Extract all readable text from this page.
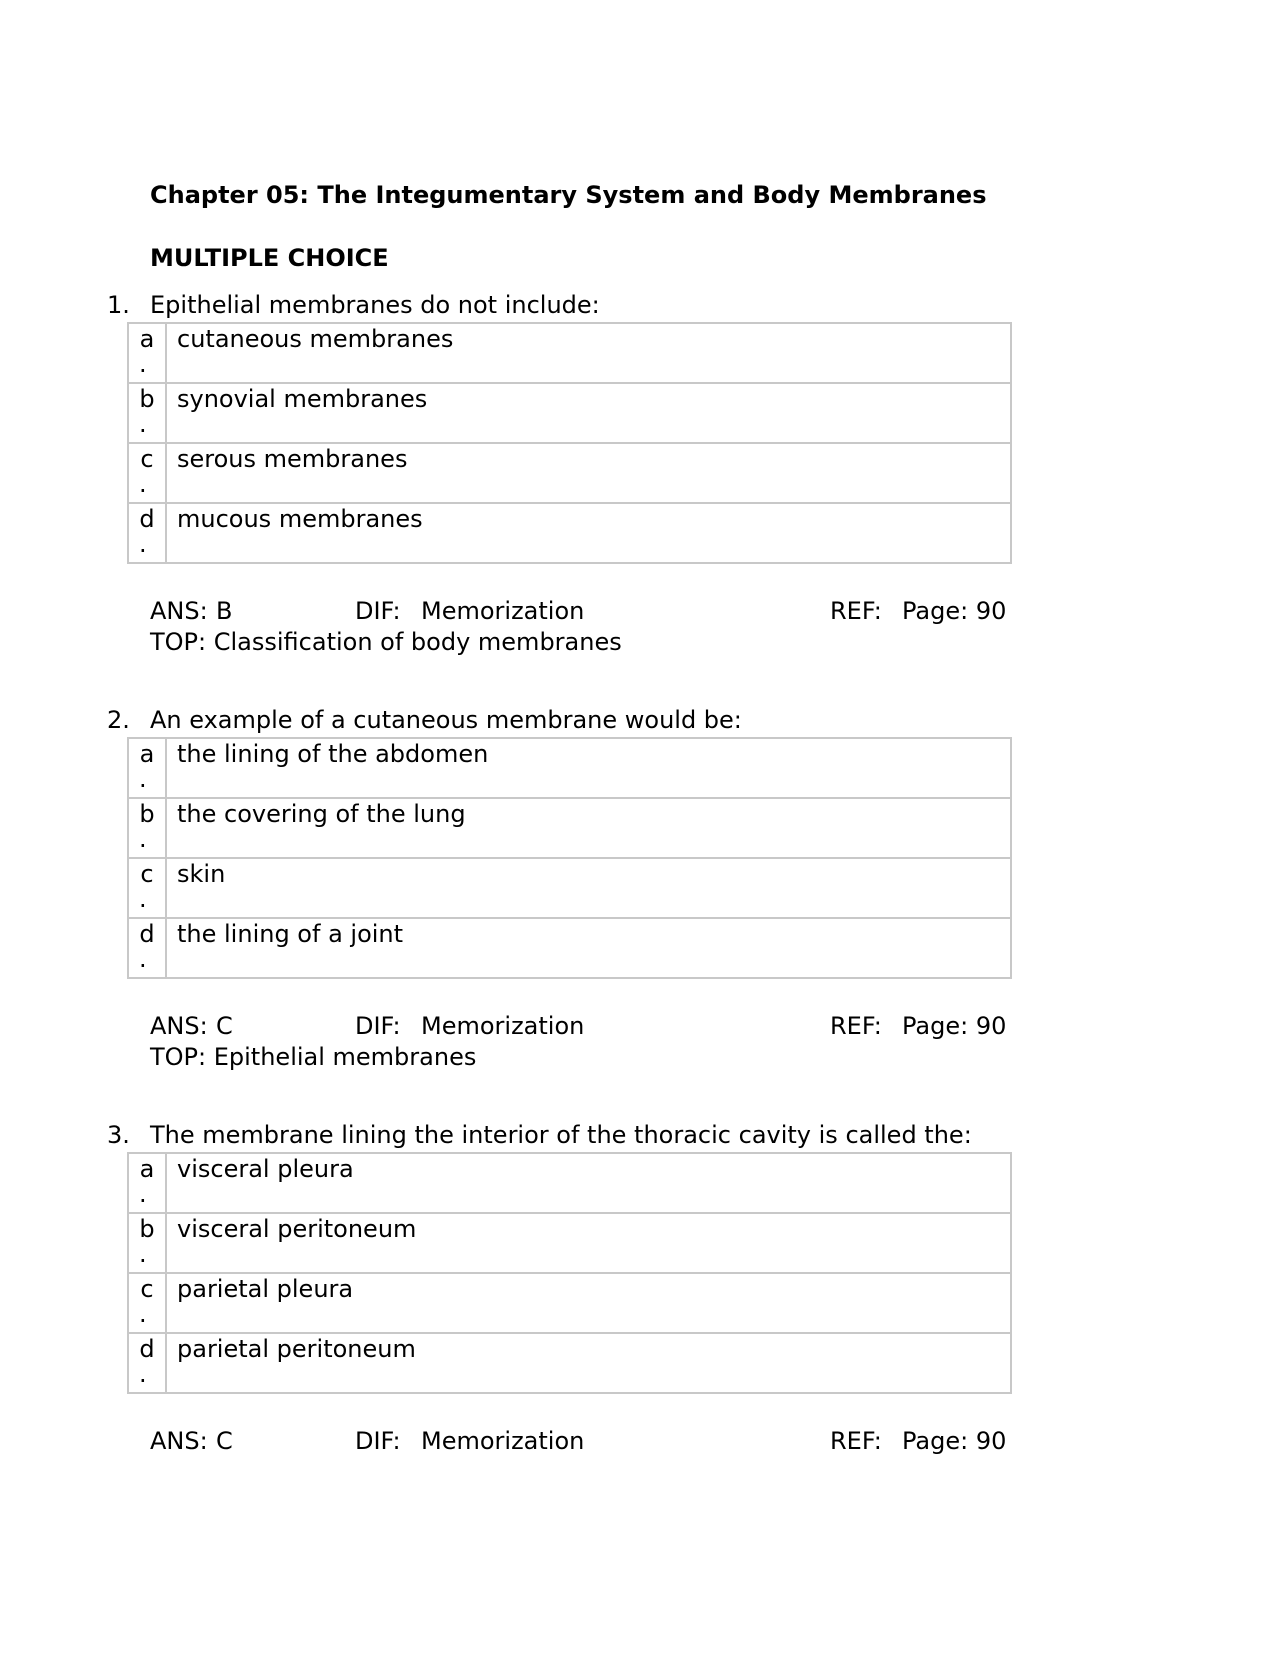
Chapter 05: The Integumentary System and Body Membranes
MULTIPLE CHOICE
1. Epithelial membranes do not include:
a
.	cutaneous membranes

b
.	synovial membranes

c
.	serous membranes

d
.	mucous membranes
ANS: B	DIF: Memorization	REF: Page: 90
TOP: Classification of body membranes
2. An example of a cutaneous membrane would be:
a
.	the lining of the abdomen

b
.	the covering of the lung

c
.	skin

d
.	the lining of a joint
ANS: C	DIF: Memorization	REF: Page: 90
TOP: Epithelial membranes
3. The membrane lining the interior of the thoracic cavity is called the:
a
.	visceral pleura

b
.	visceral peritoneum

c
.	parietal pleura

d
.	parietal peritoneum
ANS: C	DIF: Memorization	REF: Page: 90
